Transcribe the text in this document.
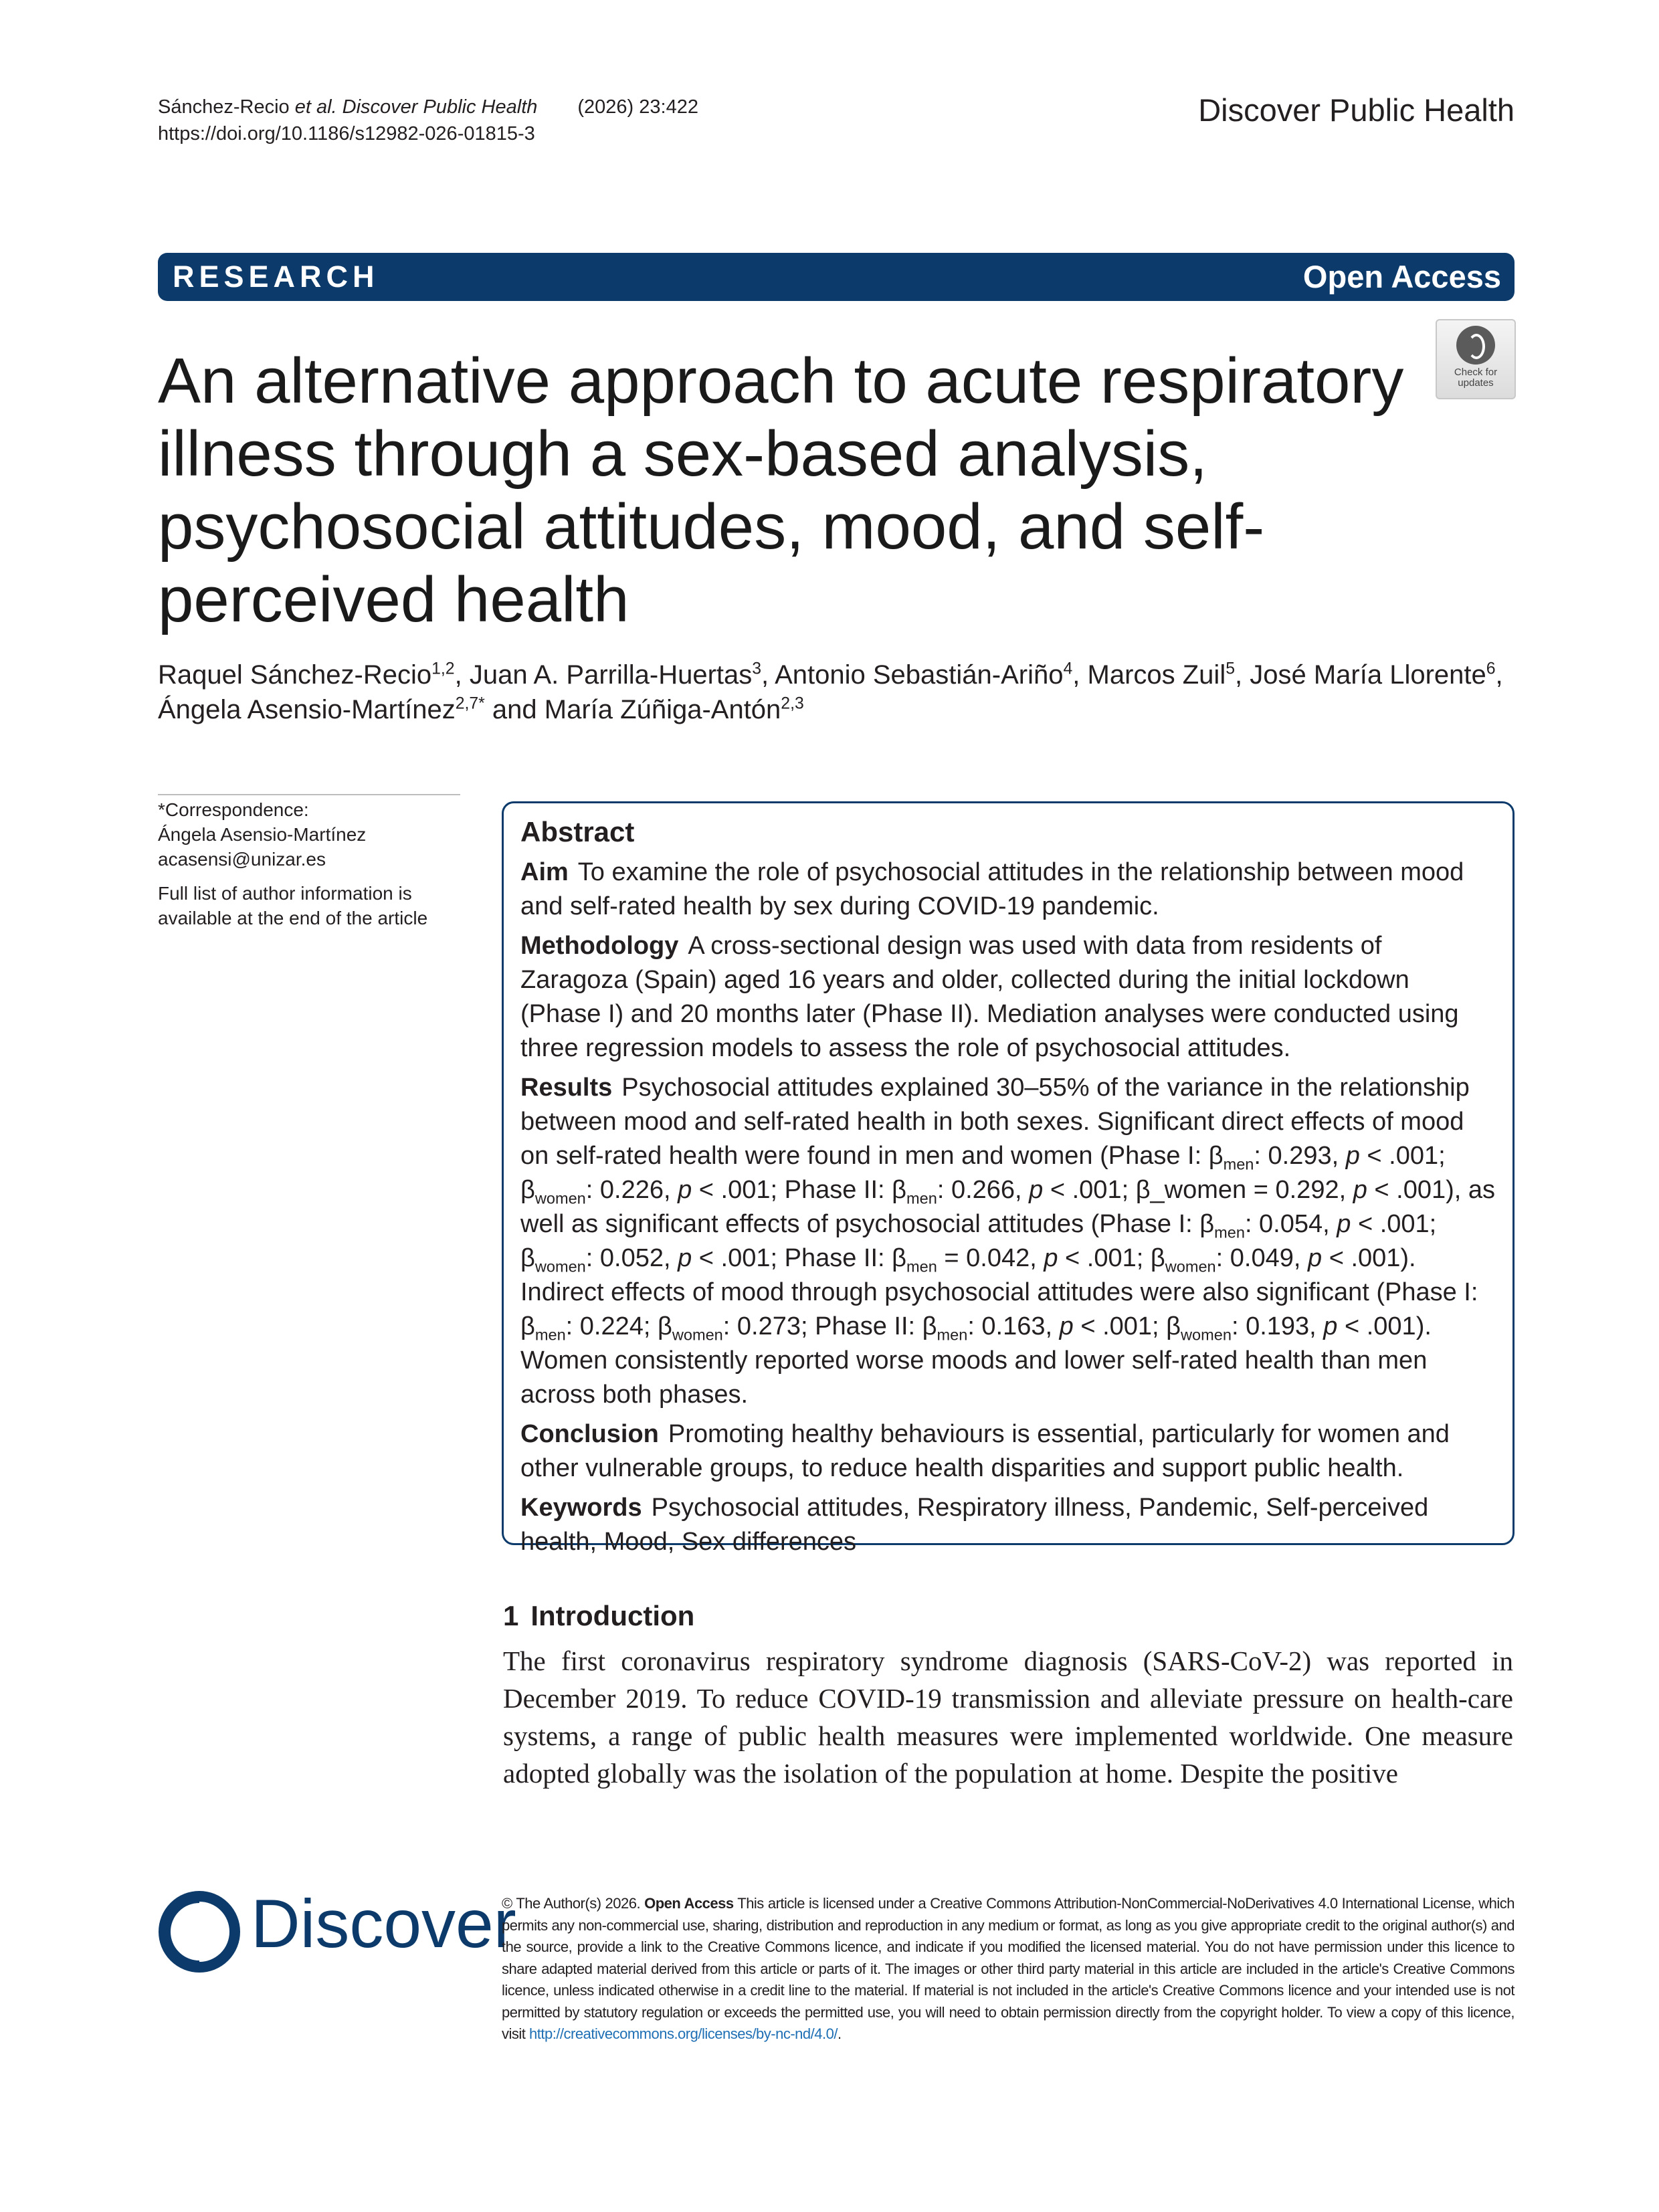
Sánchez-Recio et al. Discover Public Health (2026) 23:422
https://doi.org/10.1186/s12982-026-01815-3
Discover Public Health
RESEARCH	Open Access
Check for
updates
An alternative approach to acute respiratory illness through a sex-based analysis, psychosocial attitudes, mood, and self-perceived health
Raquel Sánchez-Recio$^{1,2}$, Juan A. Parrilla-Huertas$^3$, Antonio Sebastián-Ariño$^4$, Marcos Zuil$^5$, José María Llorente$^6$,
Ángela Asensio-Martínez$^{2,7*}$ and María Zúñiga-Antón$^{2,3}$

*Correspondence:
Ángela Asensio-Martínez
acasensi@unizar.es

Full list of author information is available at the end of the article

Abstract

Aim To examine the role of psychosocial attitudes in the relationship between mood and self-rated health by sex during COVID-19 pandemic.

Methodology A cross-sectional design was used with data from residents of Zaragoza (Spain) aged 16 years and older, collected during the initial lockdown (Phase I) and 20 months later (Phase II). Mediation analyses were conducted using three regression models to assess the role of psychosocial attitudes.

Results Psychosocial attitudes explained 30–55% of the variance in the relationship between mood and self-rated health in both sexes. Significant direct effects of mood on self-rated health were found in men and women (Phase I: $\beta_{men}$: 0.293, p < .001; $\beta_{women}$: 0.226, p < .001; Phase II: $\beta_{men}$: 0.266, p < .001; β_women = 0.292, p < .001), as well as significant effects of psychosocial attitudes (Phase I: $\beta_{men}$: 0.054, p < .001; $\beta_{women}$: 0.052, p < .001; Phase II: $\beta_{men} = 0.042$, p < .001; $\beta_{women}$: 0.049, p < .001). Indirect effects of mood through psychosocial attitudes were also significant (Phase I: $\beta_{men}$: 0.224; $\beta_{women}$: 0.273; Phase II: $\beta_{men}$: 0.163, p < .001; $\beta_{women}$: 0.193, p < .001). Women consistently reported worse moods and lower self-rated health than men across both phases.

Conclusion Promoting healthy behaviours is essential, particularly for women and other vulnerable groups, to reduce health disparities and support public health.

Keywords Psychosocial attitudes, Respiratory illness, Pandemic, Self-perceived health, Mood, Sex differences

1 Introduction
The first coronavirus respiratory syndrome diagnosis (SARS-CoV-2) was reported in December 2019. To reduce COVID-19 transmission and alleviate pressure on health-care systems, a range of public health measures were implemented worldwide. One measure adopted globally was the isolation of the population at home. Despite the positive
Discover
© The Author(s) 2026. Open Access This article is licensed under a Creative Commons Attribution-NonCommercial-NoDerivatives 4.0 International License, which permits any non-commercial use, sharing, distribution and reproduction in any medium or format, as long as you give appropriate credit to the original author(s) and the source, provide a link to the Creative Commons licence, and indicate if you modified the licensed material. You do not have permission under this licence to share adapted material derived from this article or parts of it. The images or other third party material in this article are included in the article's Creative Commons licence, unless indicated otherwise in a credit line to the material. If material is not included in the article's Creative Commons licence and your intended use is not permitted by statutory regulation or exceeds the permitted use, you will need to obtain permission directly from the copyright holder. To view a copy of this licence, visit http://creativecommons.org/licenses/by-nc-nd/4.0/.
